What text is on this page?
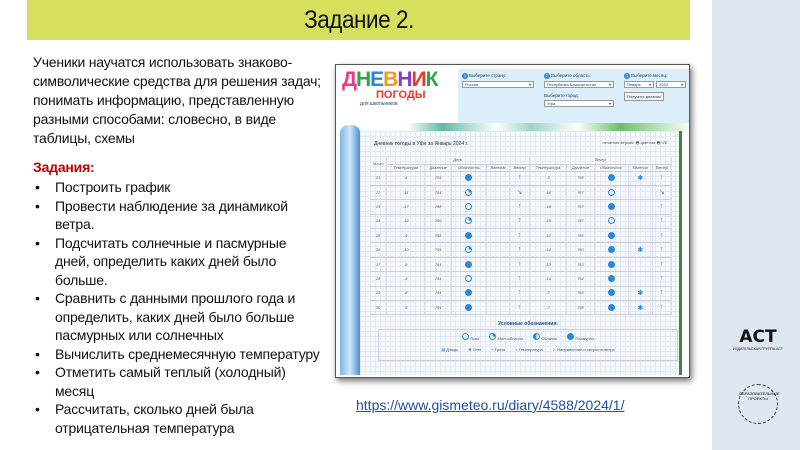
Задание 2.

Ученики научатся использовать знаково-символические средства для решения задач; понимать информацию, представленную разными способами: словесно, в виде таблицы, схемы

Задания:
• Построить график
• Провести наблюдение за динамикой ветра.
• Подсчитать солнечные и пасмурные дней, определить каких дней было больше.
• Сравнить с данными прошлого года и определить, каких дней было больше пасмурных или солнечных
• Вычислить среднемесячную температуру
• Отметить самый теплый (холодный) месяц
• Рассчитать, сколько дней была отрицательная температура
ДНЕВНИК
ПОГОДЫ
для школьников
1 Выберите страну:
Россия	▾
2 Выберите область:
Республика Башкортостан	▾
Выберите город:
Уфа	▾
3 Выберите месяц:
Январь ▾ 2024	▾
Получить дневник
Дневник погоды в Уфе за Январь 2024 г.	печатная версия: 🖶 цветная 🖶 ч/б
Число	День					Вечер				
	Температура	Давление	Облачность	Явления	Ветер	Температура	Давление	Облачность	Явления	Ветер
21	-4	753			↑	-5	755		✱	↑

22	-11	764			↘	-16	767			↘

23	-17	768			↑	-14	767			↑

24	-12	760			↑	-15	757			↑

25	-9	753			↑	-13	755			↑

26	-10	759			↑	-14	760		✱	↑

27	-8	764			↑	-13	763			↑

28	-9	764			↑	-14	764			↑

29	-8	764			↑	-7	763		✱	↑

30	-5	754			↑	-7	758		✱	↑
Условные обозначения:
Ясно	Малооблачно	Облачно	Пасмурно
▦ Дождь	✱ Снег	ϟ Гроза	± Температура	↙ Направление и скорость ветра
https://www.gismeteo.ru/diary/4588/2024/1/
АСТ
ИЗДАТЕЛЬСКАЯ ГРУППА АСТ
ОБРАЗОВАТЕЛЬНЫЕ ПРОЕКТЫ
